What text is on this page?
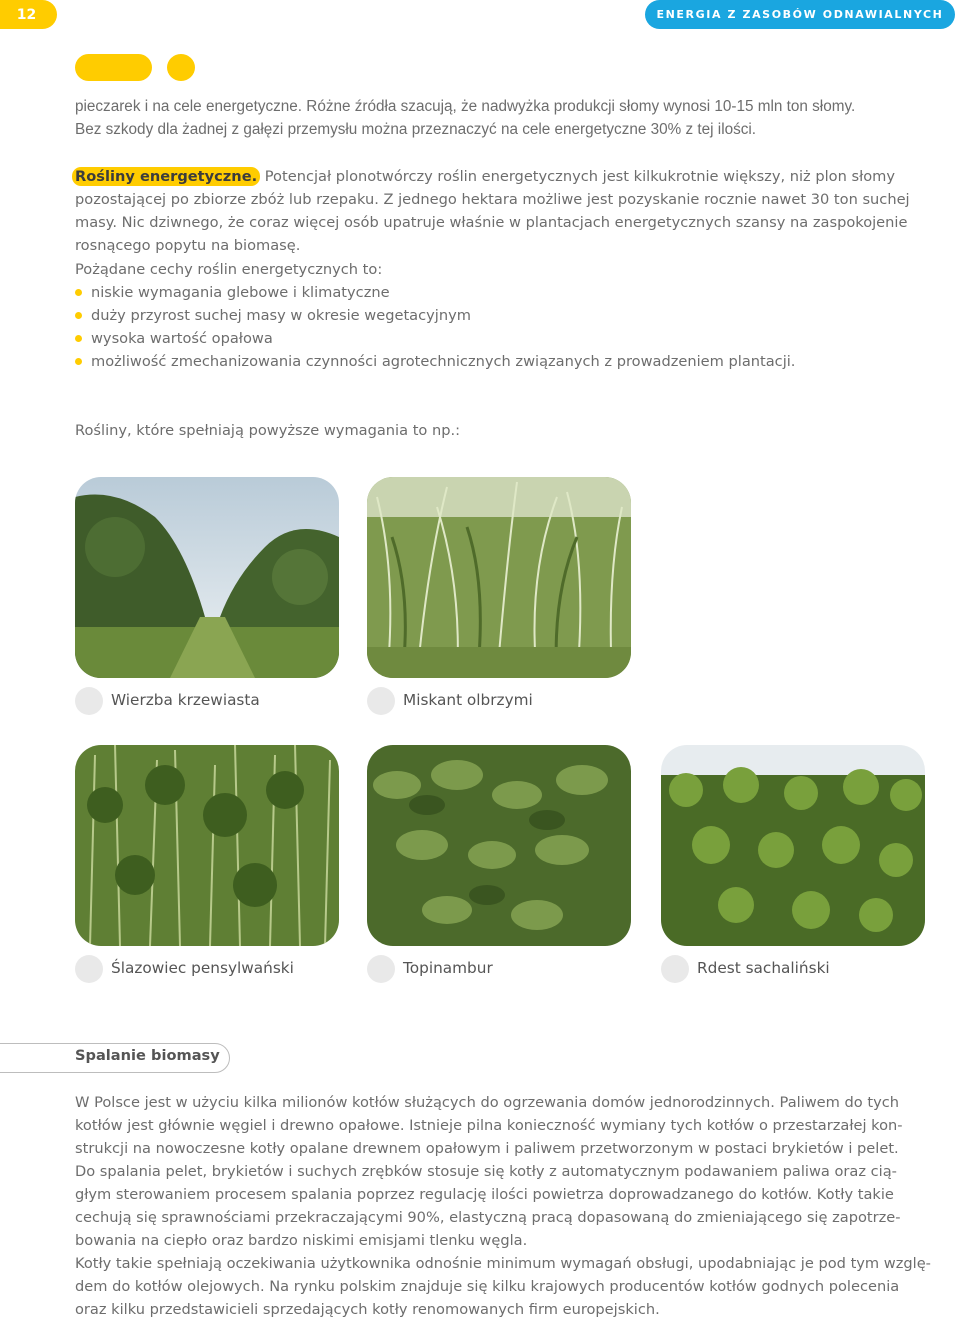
12	ENERGIA Z ZASOBÓW ODNAWIALNYCH

pieczarek i na cele energetyczne. Różne źródła szacują, że nadwyżka produkcji słomy wynosi 10-15 mln ton słomy.

Bez szkody dla żadnej z gałęzi przemysłu można przeznaczyć na cele energetyczne 30% z tej ilości.

Rośliny energetyczne. Potencjał plonotwórczy roślin energetycznych jest kilkukrotnie większy, niż plon słomy

pozostającej po zbiorze zbóż lub rzepaku. Z jednego hektara możliwe jest pozyskanie rocznie nawet 30 ton suchej

masy. Nic dziwnego, że coraz więcej osób upatruje właśnie w plantacjach energetycznych szansy na zaspokojenie

rosnącego popytu na biomasę.

Pożądane cechy roślin energetycznych to:

niskie wymagania glebowe i klimatyczne
duży przyrost suchej masy w okresie wegetacyjnym
wysoka wartość opałowa
możliwość zmechanizowania czynności agrotechnicznych związanych z prowadzeniem plantacji.

Rośliny, które spełniają powyższe wymagania to np.:

Wierzba krzewiasta	Miskant olbrzymi
Ślazowiec pensylwański	Topinambur	Rdest sachaliński
Spalanie biomasy

W Polsce jest w użyciu kilka milionów kotłów służących do ogrzewania domów jednorodzinnych. Paliwem do tych

kotłów jest głównie węgiel i drewno opałowe. Istnieje pilna konieczność wymiany tych kotłów o przestarzałej kon-

strukcji na nowoczesne kotły opalane drewnem opałowym i paliwem przetworzonym w postaci brykietów i pelet.

Do spalania pelet, brykietów i suchych zrębków stosuje się kotły z automatycznym podawaniem paliwa oraz cią-

głym sterowaniem procesem spalania poprzez regulację ilości powietrza doprowadzanego do kotłów. Kotły takie

cechują się sprawnościami przekraczającymi 90%, elastyczną pracą dopasowaną do zmieniającego się zapotrze-

bowania na ciepło oraz bardzo niskimi emisjami tlenku węgla.

Kotły takie spełniają oczekiwania użytkownika odnośnie minimum wymagań obsługi, upodabniając je pod tym wzglę-

dem do kotłów olejowych. Na rynku polskim znajduje się kilku krajowych producentów kotłów godnych polecenia

oraz kilku przedstawicieli sprzedających kotły renomowanych firm europejskich.
